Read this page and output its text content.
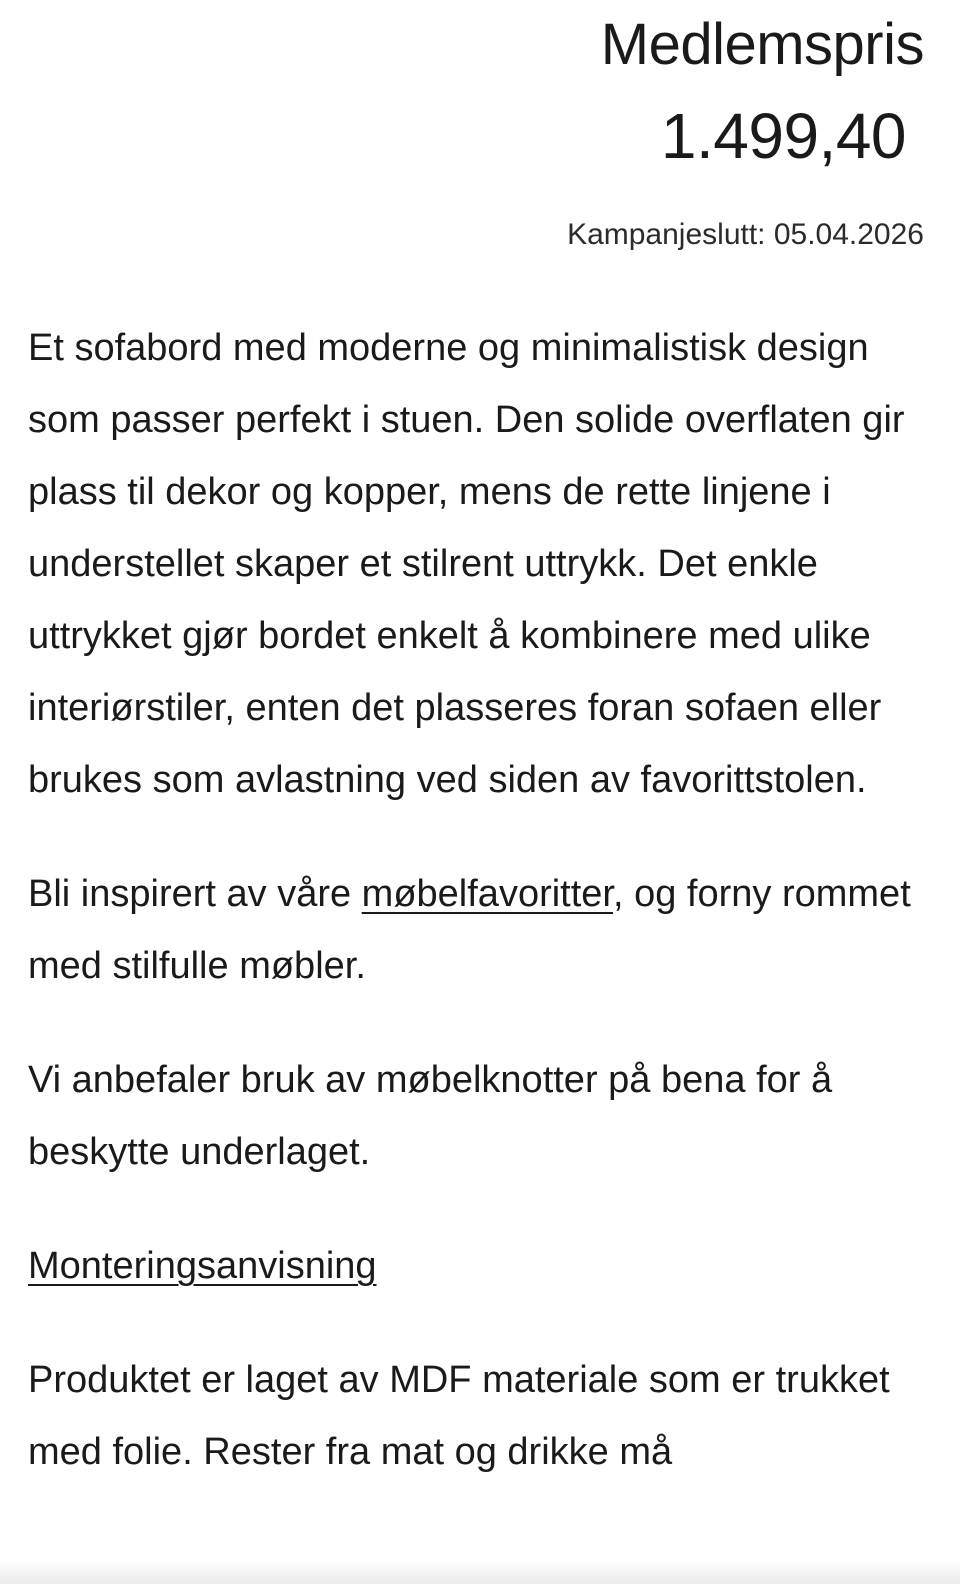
Medlemspris
1.499,40
Kampanjeslutt: 05.04.2026

Et sofabord med moderne og minimalistisk design som passer perfekt i stuen. Den solide overflaten gir plass til dekor og kopper, mens de rette linjene i understellet skaper et stilrent uttrykk. Det enkle uttrykket gjør bordet enkelt å kombinere med ulike interiørstiler, enten det plasseres foran sofaen eller brukes som avlastning ved siden av favorittstolen.

Bli inspirert av våre møbelfavoritter, og forny rommet med stilfulle møbler.

Vi anbefaler bruk av møbelknotter på bena for å beskytte underlaget.

Monteringsanvisning

Produktet er laget av MDF materiale som er trukket med folie. Rester fra mat og drikke må
